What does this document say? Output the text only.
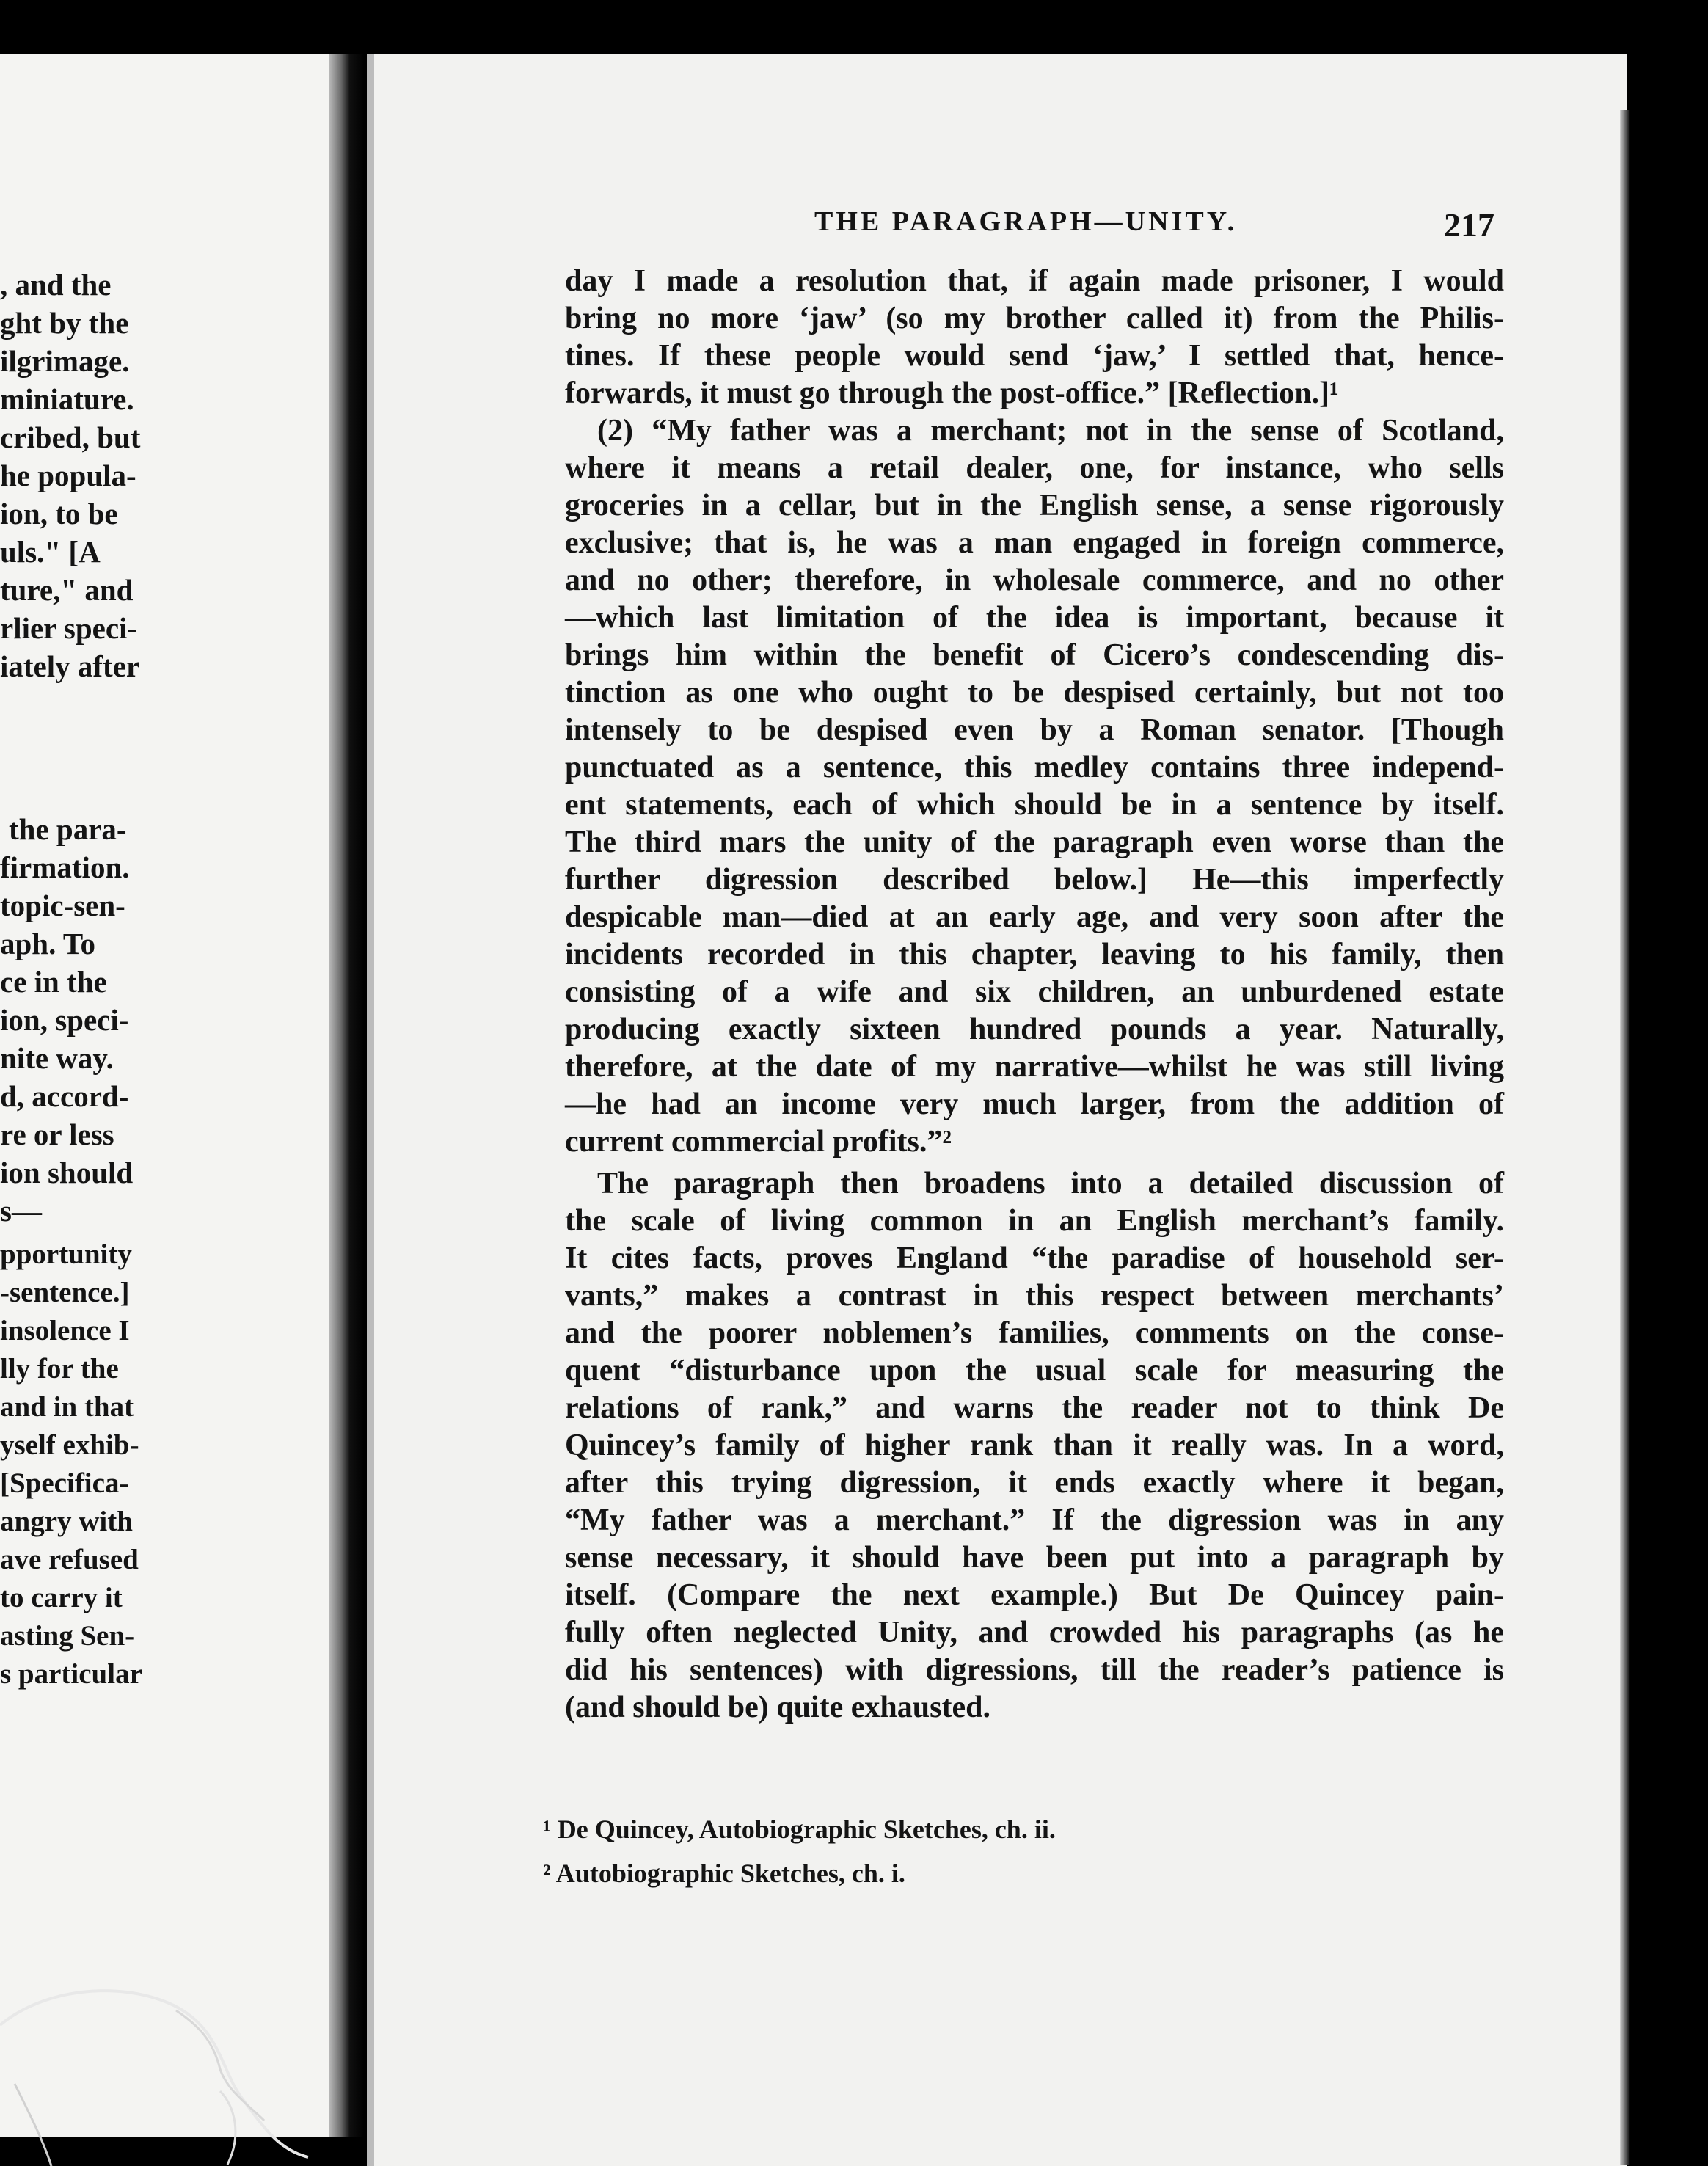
, and the
ght by the
ilgrimage.
miniature.
cribed, but
he popula-
ion, to be
uls." [A
ture," and
rlier speci-
iately after
the para-
firmation.
topic-sen-
aph. To
ce in the
ion, speci-
nite way.
d, accord-
re or less
ion should
s—
pportunity
-sentence.]
insolence I
lly for the
and in that
yself exhib-
[Specifica-
angry with
ave refused
to carry it
asting Sen-
s particular
THE PARAGRAPH—UNITY.	217
day I made a resolution that, if again made prisoner, I would
bring no more ‘jaw’ (so my brother called it) from the Philis-
tines. If these people would send ‘jaw,’ I settled that, hence-
forwards, it must go through the post-office.” [Reflection.]¹
(2) “My father was a merchant; not in the sense of Scotland,
where it means a retail dealer, one, for instance, who sells
groceries in a cellar, but in the English sense, a sense rigorously
exclusive; that is, he was a man engaged in foreign commerce,
and no other; therefore, in wholesale commerce, and no other
—which last limitation of the idea is important, because it
brings him within the benefit of Cicero’s condescending dis-
tinction as one who ought to be despised certainly, but not too
intensely to be despised even by a Roman senator. [Though
punctuated as a sentence, this medley contains three independ-
ent statements, each of which should be in a sentence by itself.
The third mars the unity of the paragraph even worse than the
further digression described below.] He—this imperfectly
despicable man—died at an early age, and very soon after the
incidents recorded in this chapter, leaving to his family, then
consisting of a wife and six children, an unburdened estate
producing exactly sixteen hundred pounds a year. Naturally,
therefore, at the date of my narrative—whilst he was still living
—he had an income very much larger, from the addition of
current commercial profits.”²
The paragraph then broadens into a detailed discussion of
the scale of living common in an English merchant’s family.
It cites facts, proves England “the paradise of household ser-
vants,” makes a contrast in this respect between merchants’
and the poorer noblemen’s families, comments on the conse-
quent “disturbance upon the usual scale for measuring the
relations of rank,” and warns the reader not to think De
Quincey’s family of higher rank than it really was. In a word,
after this trying digression, it ends exactly where it began,
“My father was a merchant.” If the digression was in any
sense necessary, it should have been put into a paragraph by
itself. (Compare the next example.) But De Quincey pain-
fully often neglected Unity, and crowded his paragraphs (as he
did his sentences) with digressions, till the reader’s patience is
(and should be) quite exhausted.
¹ De Quincey, Autobiographic Sketches, ch. ii.
² Autobiographic Sketches, ch. i.
